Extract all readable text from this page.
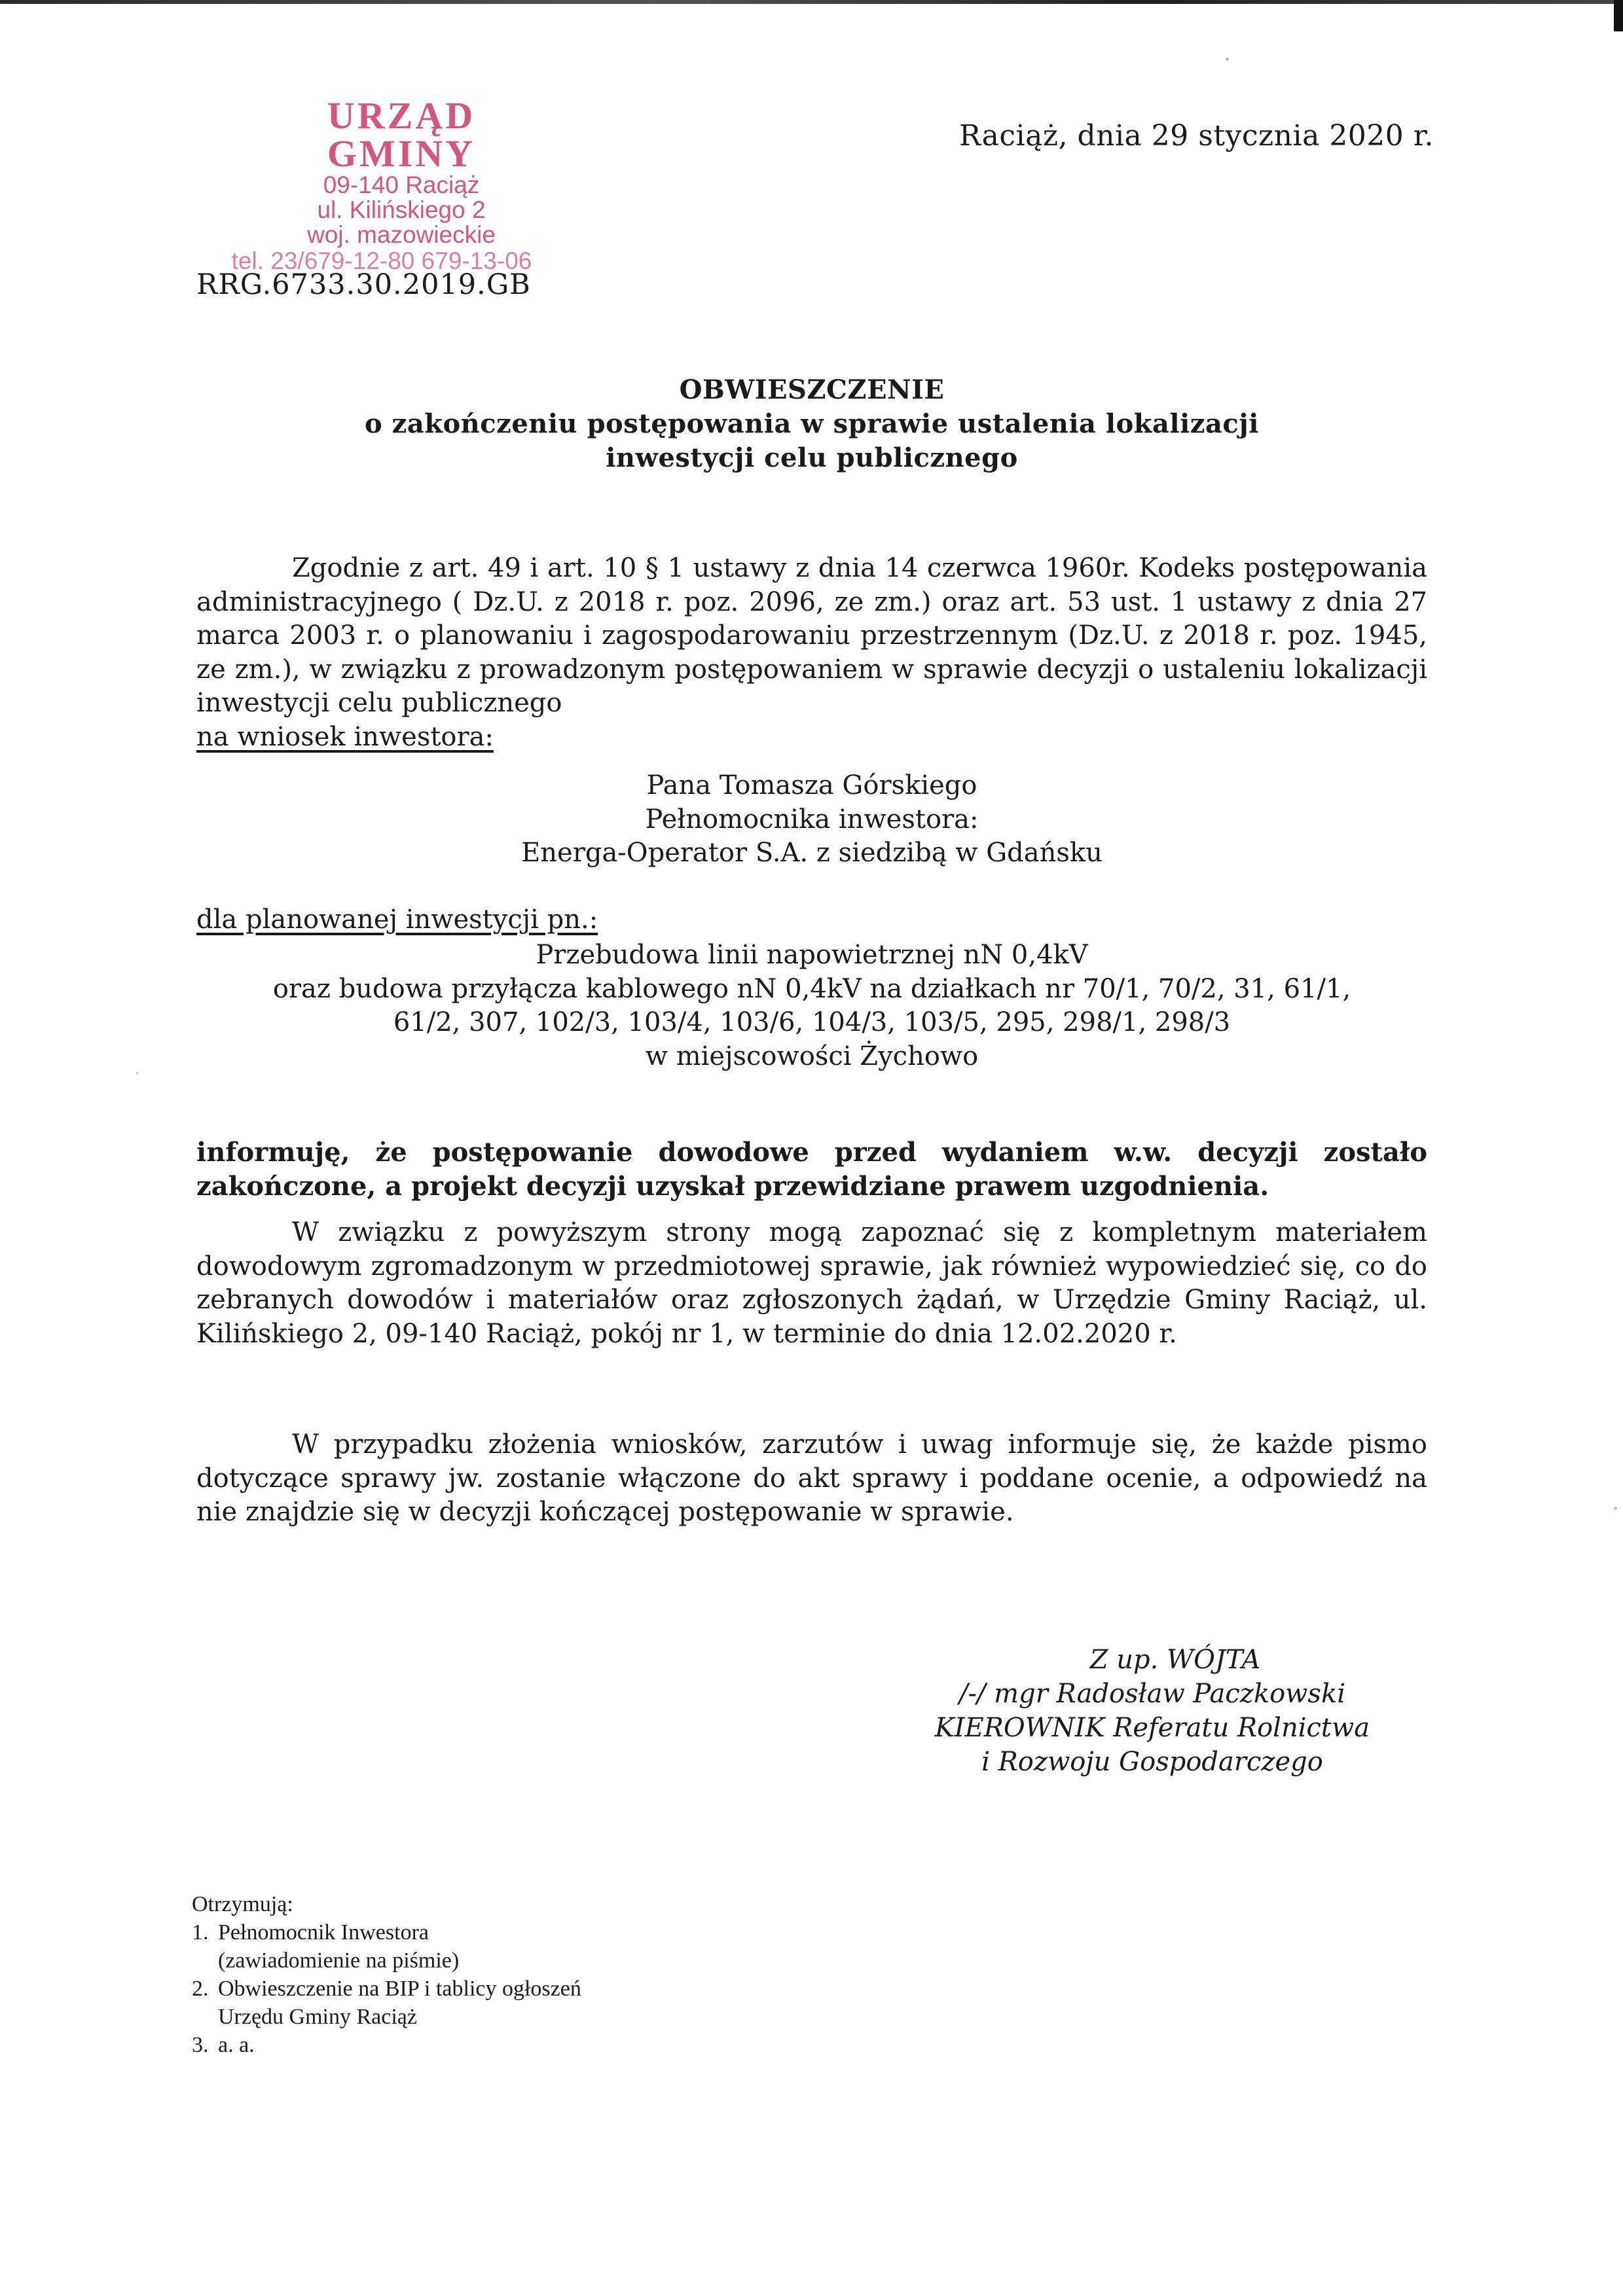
URZĄD GMINY
09-140 Raciąż
ul. Kilińskiego 2
woj. mazowieckie
tel. 23/679-12-80 679-13-06
Raciąż, dnia 29 stycznia 2020 r.
RRG.6733.30.2019.GB
OBWIESZCZENIE
o zakończeniu postępowania w sprawie ustalenia lokalizacji
inwestycji celu publicznego
Zgodnie z art. 49 i art. 10 § 1 ustawy z dnia 14 czerwca 1960r. Kodeks postępowania administracyjnego ( Dz.U. z 2018 r. poz. 2096, ze zm.) oraz art. 53 ust. 1 ustawy z dnia 27 marca 2003 r. o planowaniu i zagospodarowaniu przestrzennym (Dz.U. z 2018 r. poz. 1945, ze zm.), w związku z prowadzonym postępowaniem w sprawie decyzji o ustaleniu lokalizacji inwestycji celu publicznego
na wniosek inwestora:
Pana Tomasza Górskiego
Pełnomocnika inwestora:
Energa-Operator S.A. z siedzibą w Gdańsku
dla planowanej inwestycji pn.:
Przebudowa linii napowietrznej nN 0,4kV
oraz budowa przyłącza kablowego nN 0,4kV na działkach nr 70/1, 70/2, 31, 61/1,
61/2, 307, 102/3, 103/4, 103/6, 104/3, 103/5, 295, 298/1, 298/3
w miejscowości Żychowo
informuję, że postępowanie dowodowe przed wydaniem w.w. decyzji zostało zakończone, a projekt decyzji uzyskał przewidziane prawem uzgodnienia.
W związku z powyższym strony mogą zapoznać się z kompletnym materiałem dowodowym zgromadzonym w przedmiotowej sprawie, jak również wypowiedzieć się, co do zebranych dowodów i materiałów oraz zgłoszonych żądań, w Urzędzie Gminy Raciąż, ul. Kilińskiego 2, 09-140 Raciąż, pokój nr 1, w terminie do dnia 12.02.2020 r.
W przypadku złożenia wniosków, zarzutów i uwag informuje się, że każde pismo dotyczące sprawy jw. zostanie włączone do akt sprawy i poddane ocenie, a odpowiedź na nie znajdzie się w decyzji kończącej postępowanie w sprawie.
Z up. WÓJTA
/-/ mgr Radosław Paczkowski
KIEROWNIK Referatu Rolnictwa
i Rozwoju Gospodarczego
Otrzymują:
1. Pełnomocnik Inwestora
(zawiadomienie na piśmie)
2. Obwieszczenie na BIP i tablicy ogłoszeń
Urzędu Gminy Raciąż
3. a. a.
